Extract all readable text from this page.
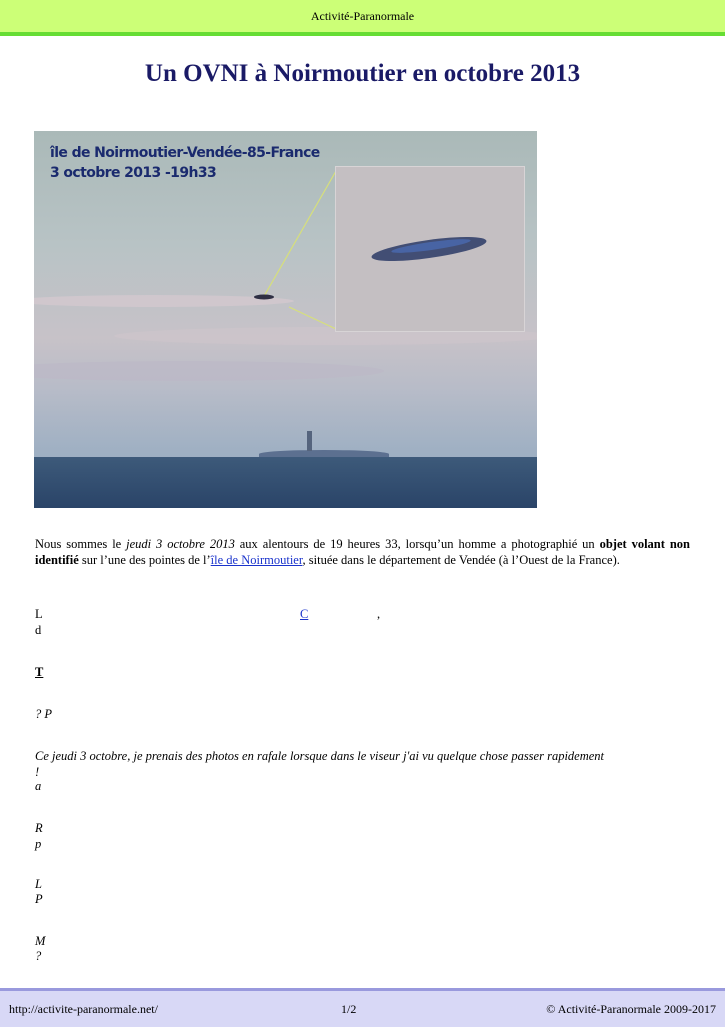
Activité-Paranormale
Un OVNI à Noirmoutier en octobre 2013
île de Noirmoutier-Vendée-85-France
3 octobre 2013 -19h33

Nous sommes le jeudi 3 octobre 2013 aux alentours de 19 heures 33, lorsqu’un homme a photographié un objet volant non identifié sur l’une des pointes de l’île de Noirmoutier, située dans le département de Vendée (à l’Ouest de la France).

L	C	,
d
T
? P

Ce jeudi 3 octobre, je prenais des photos en rafale lorsque dans le viseur j'ai vu quelque chose passer rapidement

!
a
R
p
L
P
M
?
http://activite-paranormale.net/	1/2	© Activité-Paranormale 2009-2017
